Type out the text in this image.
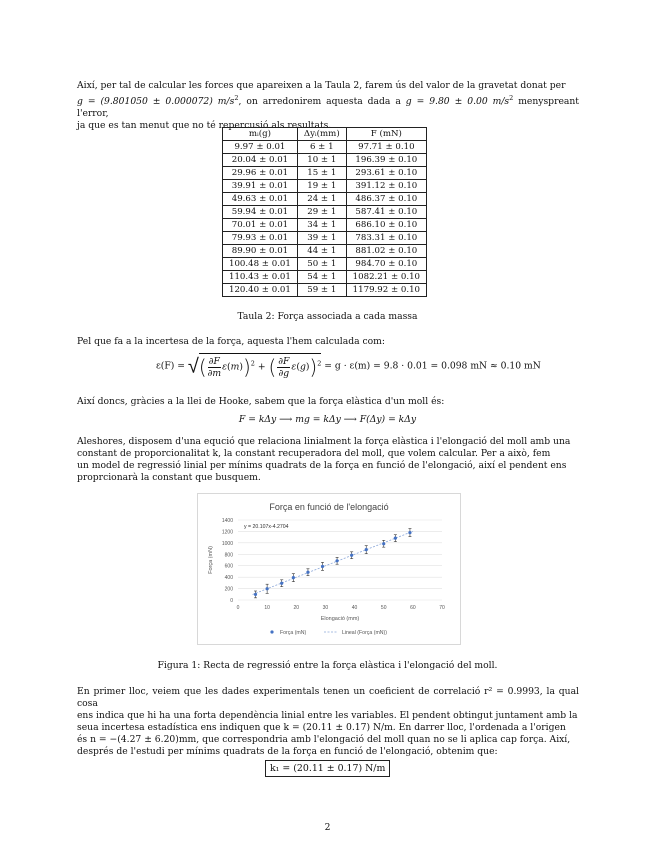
Així, per tal de calcular les forces que apareixen a la Taula 2, farem ús del valor de la gravetat donat per
g = (9.801050 ± 0.000072) $m/s^2$, on arredonirem aquesta dada a g = 9.80 ± 0.00 $m/s^2$ menyspreant l'error,
ja que es tan menut que no té repercusió als resultats.
mᵢ(g)	Δyᵢ(mm)	F (mN)
9.97 ± 0.01	6 ± 1	97.71 ± 0.10
20.04 ± 0.01	10 ± 1	196.39 ± 0.10
29.96 ± 0.01	15 ± 1	293.61 ± 0.10
39.91 ± 0.01	19 ± 1	391.12 ± 0.10
49.63 ± 0.01	24 ± 1	486.37 ± 0.10
59.94 ± 0.01	29 ± 1	587.41 ± 0.10
70.01 ± 0.01	34 ± 1	686.10 ± 0.10
79.93 ± 0.01	39 ± 1	783.31 ± 0.10
89.90 ± 0.01	44 ± 1	881.02 ± 0.10
100.48 ± 0.01	50 ± 1	984.70 ± 0.10
110.43 ± 0.01	54 ± 1	1082.21 ± 0.10
120.40 ± 0.01	59 ± 1	1179.92 ± 0.10
Taula 2: Força associada a cada massa
Pel que fa a la incertesa de la força, aquesta l'hem calculada com:
ε(F) = √( $\frac{\partial F}{\partial m} \varepsilon(m))^2$ + ( $\frac{\partial F}{\partial g} \varepsilon(g))^2 = g \cdot \varepsilon(m) = 9.8 \cdot 0.01 = 0.098$ mN ≈ 0.10 mN
Així doncs, gràcies a la llei de Hooke, sabem que la força elàstica d'un moll és:
F = kΔy ⟶ mg = kΔy ⟶ F(Δy) = kΔy
Aleshores, disposem d'una equció que relaciona linialment la força elàstica i l'elongació del moll amb una
constant de proporcionalitat k, la constant recuperadora del moll, que volem calcular. Per a això, fem
un model de regressió linial per mínims quadrats de la força en funció de l'elongació, així el pendent ens
proprcionarà la constant que busquem.
Força en funció de l'elongació
0
200
400
600
800
1000
1200
1400
0	10	20	30	40	50	60	70
Elongació (mm)
Força (mN)
y = 20.107x-4.2704
Força (mN)	Lineal (Força (mN))
Figura 1: Recta de regressió entre la força elàstica i l'elongació del moll.
En primer lloc, veiem que les dades experimentals tenen un coeficient de correlació r² = 0.9993, la qual cosa
ens indica que hi ha una forta dependència linial entre les variables. El pendent obtingut juntament amb la
seua incertesa estadística ens indiquen que k = (20.11 ± 0.17) N/m. En darrer lloc, l'ordenada a l'origen
és n = −(4.27 ± 6.20)mm, que correspondria amb l'elongació del moll quan no se li aplica cap força. Així,
després de l'estudi per mínims quadrats de la força en funció de l'elongació, obtenim que:
k₁ = (20.11 ± 0.17) N/m
2
